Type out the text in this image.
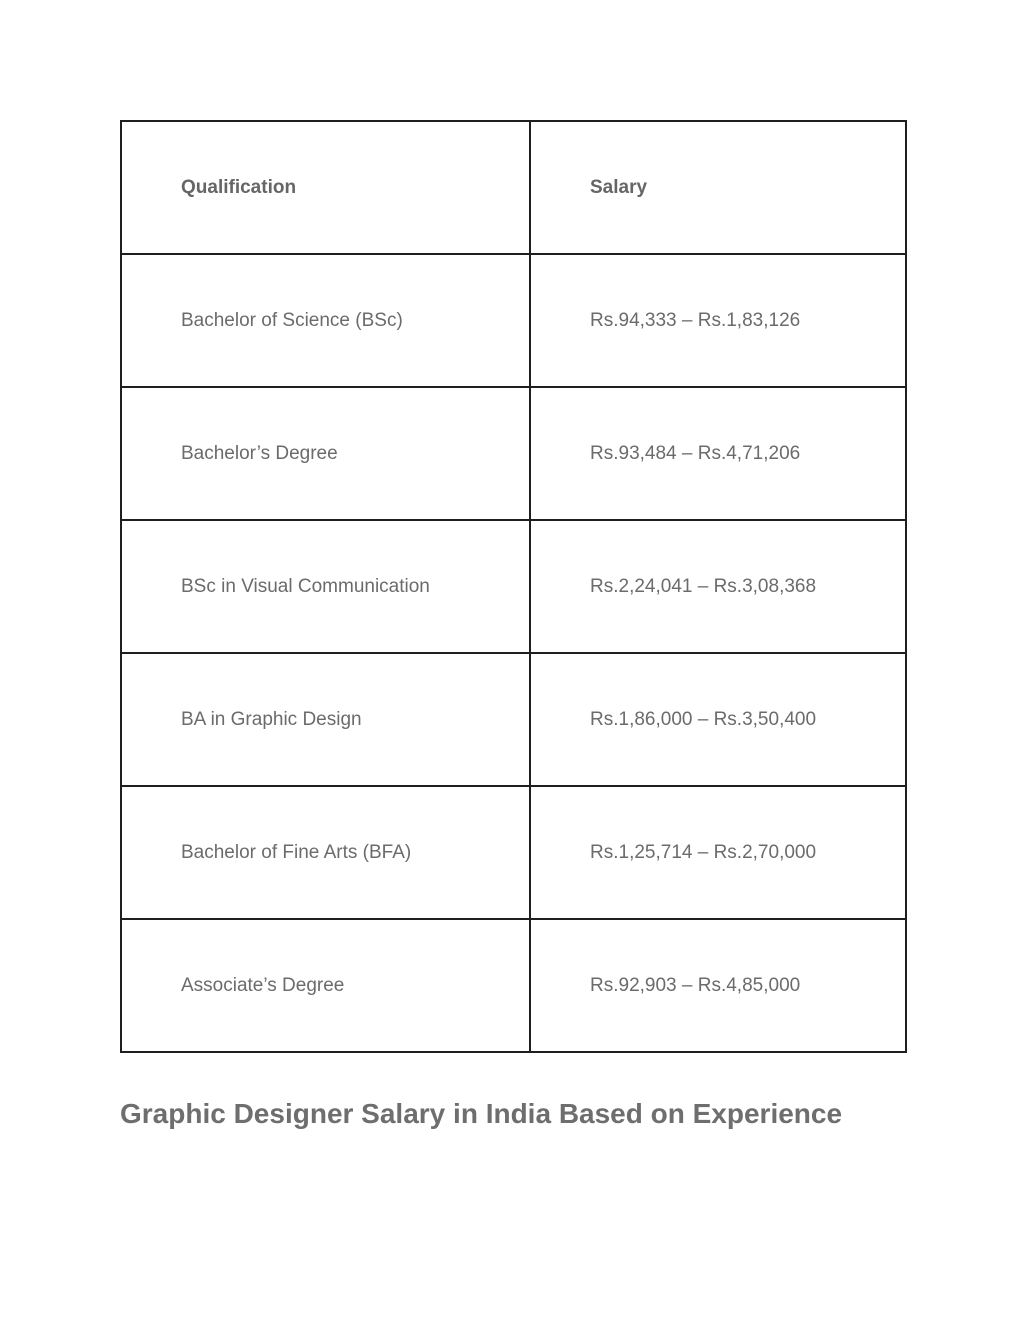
Qualification	Salary
Bachelor of Science (BSc)	Rs.94,333 – Rs.1,83,126
Bachelor’s Degree	Rs.93,484 – Rs.4,71,206
BSc in Visual Communication	Rs.2,24,041 – Rs.3,08,368
BA in Graphic Design	Rs.1,86,000 – Rs.3,50,400
Bachelor of Fine Arts (BFA)	Rs.1,25,714 – Rs.2,70,000
Associate’s Degree	Rs.92,903 – Rs.4,85,000
Graphic Designer Salary in India Based on Experience
